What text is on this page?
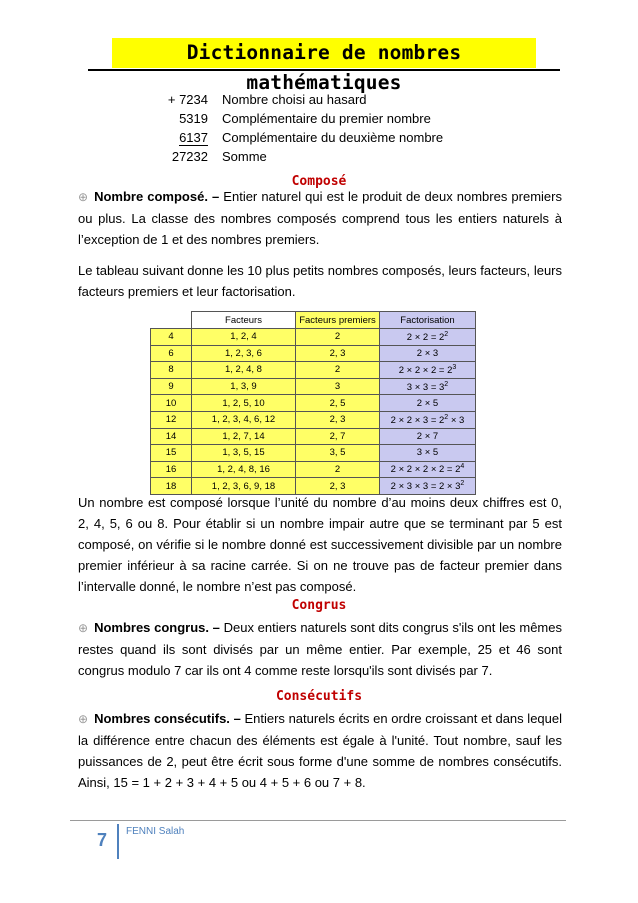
Dictionnaire de nombres mathématiques
+ 7234	Nombre choisi au hasard
5319	Complémentaire du premier nombre
6137	Complémentaire du deuxième nombre
27232	Somme
Composé
⊕ Nombre composé. – Entier naturel qui est le produit de deux nombres premiers ou plus. La classe des nombres composés comprend tous les entiers naturels à l’exception de 1 et des nombres premiers.
Le tableau suivant donne les 10 plus petits nombres composés, leurs facteurs, leurs facteurs premiers et leur factorisation.
	Facteurs	Facteurs premiers	Factorisation
4	1, 2, 4	2	$2 \times 2 = 2^2$
6	1, 2, 3, 6	2, 3	2 × 3
8	1, 2, 4, 8	2	$2 \times 2 \times 2 = 2^3$
9	1, 3, 9	3	$3 \times 3 = 3^2$
10	1, 2, 5, 10	2, 5	2 × 5
12	1, 2, 3, 4, 6, 12	2, 3	$2 \times 2 \times 3 = 2^2 \times 3$
14	1, 2, 7, 14	2, 7	2 × 7
15	1, 3, 5, 15	3, 5	3 × 5
16	1, 2, 4, 8, 16	2	$2 \times 2 \times 2 \times 2 = 2^4$
18	1, 2, 3, 6, 9, 18	2, 3	$2 \times 3 \times 3 = 2 \times 3^2$
Un nombre est composé lorsque l’unité du nombre d’au moins deux chiffres est 0, 2, 4, 5, 6 ou 8. Pour établir si un nombre impair autre que se terminant par 5 est composé, on vérifie si le nombre donné est successivement divisible par un nombre premier inférieur à sa racine carrée. Si on ne trouve pas de facteur premier dans l’intervalle donné, le nombre n’est pas composé.
Congrus
⊕ Nombres congrus. – Deux entiers naturels sont dits congrus s'ils ont les mêmes restes quand ils sont divisés par un même entier. Par exemple, 25 et 46 sont congrus modulo 7 car ils ont 4 comme reste lorsqu'ils sont divisés par 7.
Consécutifs
⊕ Nombres consécutifs. – Entiers naturels écrits en ordre croissant et dans lequel la différence entre chacun des éléments est égale à l'unité. Tout nombre, sauf les puissances de 2, peut être écrit sous forme d'une somme de nombres consécutifs. Ainsi, 15 = 1 + 2 + 3 + 4 + 5 ou 4 + 5 + 6 ou 7 + 8.
7	FENNI Salah
